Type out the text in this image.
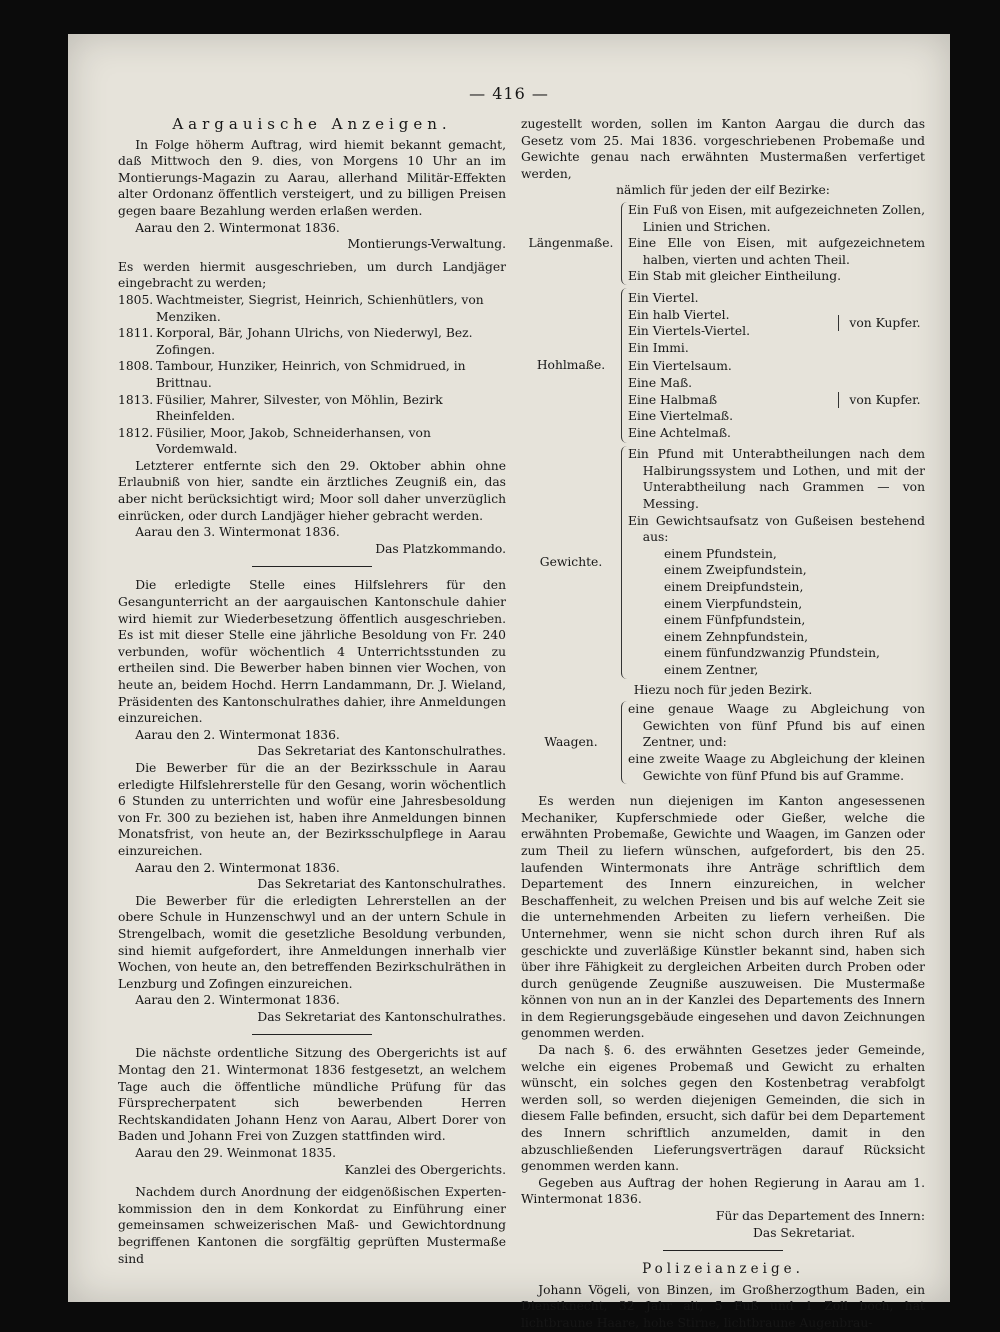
— 416 —
Aargauische Anzeigen.

In Folge höherm Auftrag, wird hiemit bekannt gemacht, daß Mittwoch den 9. dies, von Morgens 10 Uhr an im Montierungs-Magazin zu Aarau, allerhand Militär-Effekten alter Ordonanz öffentlich versteigert, und zu billigen Preisen gegen baare Bezahlung werden erlaßen werden.

Aarau den 2. Wintermonat 1836.

Montierungs-Verwaltung.

Es werden hiermit ausgeschrieben, um durch Landjäger eingebracht zu werden;

1805. Wachtmeister, Siegrist, Heinrich, Schienhütlers, von Menziken.
1811. Korporal, Bär, Johann Ulrichs, von Niederwyl, Bez. Zofingen.
1808. Tambour, Hunziker, Heinrich, von Schmidrued, in Brittnau.
1813. Füsilier, Mahrer, Silvester, von Möhlin, Bezirk Rheinfelden.
1812. Füsilier, Moor, Jakob, Schneiderhansen, von Vordemwald.

Letzterer entfernte sich den 29. Oktober abhin ohne Erlaubniß von hier, sandte ein ärztliches Zeugniß ein, das aber nicht berücksichtigt wird; Moor soll daher unverzüglich einrücken, oder durch Landjäger hieher gebracht werden.

Aarau den 3. Wintermonat 1836.

Das Platzkommando.

Die erledigte Stelle eines Hilfslehrers für den Gesangunterricht an der aargauischen Kantonschule dahier wird hiemit zur Wiederbesetzung öffentlich ausgeschrieben. Es ist mit dieser Stelle eine jährliche Besoldung von Fr. 240 verbunden, wofür wöchentlich 4 Unterrichtsstunden zu ertheilen sind. Die Bewerber haben binnen vier Wochen, von heute an, beidem Hochd. Herrn Landammann, Dr. J. Wieland, Präsidenten des Kantonschulrathes dahier, ihre Anmeldungen einzureichen.

Aarau den 2. Wintermonat 1836.

Das Sekretariat des Kantonschulrathes.

Die Bewerber für die an der Bezirksschule in Aarau erledigte Hilfslehrerstelle für den Gesang, worin wöchentlich 6 Stunden zu unterrichten und wofür eine Jahresbesoldung von Fr. 300 zu beziehen ist, haben ihre Anmeldungen binnen Monatsfrist, von heute an, der Bezirksschulpflege in Aarau einzureichen.

Aarau den 2. Wintermonat 1836.

Das Sekretariat des Kantonschulrathes.

Die Bewerber für die erledigten Lehrerstellen an der obere Schule in Hunzenschwyl und an der untern Schule in Strengelbach, womit die gesetzliche Besoldung verbunden, sind hiemit aufgefordert, ihre Anmeldungen innerhalb vier Wochen, von heute an, den betreffenden Bezirkschulräthen in Lenzburg und Zofingen einzureichen.

Aarau den 2. Wintermonat 1836.

Das Sekretariat des Kantonschulrathes.

Die nächste ordentliche Sitzung des Obergerichts ist auf Montag den 21. Wintermonat 1836 festgesetzt, an welchem Tage auch die öffentliche mündliche Prüfung für das Fürsprecherpatent sich bewerbenden Herren Rechtskandidaten Johann Henz von Aarau, Albert Dorer von Baden und Johann Frei von Zuzgen stattfinden wird.

Aarau den 29. Weinmonat 1835.

Kanzlei des Obergerichts.

Nachdem durch Anordnung der eidgenößischen Experten-kommission den in dem Konkordat zu Einführung einer gemeinsamen schweizerischen Maß- und Gewichtordnung begriffenen Kantonen die sorgfältig geprüften Mustermaße sind

zugestellt worden, sollen im Kanton Aargau die durch das Gesetz vom 25. Mai 1836. vorgeschriebenen Probemaße und Gewichte genau nach erwähnten Mustermaßen verfertiget werden,

nämlich für jeden der eilf Bezirke:

Längenmaße.

Ein Fuß von Eisen, mit aufgezeichneten Zollen, Linien und Strichen.

Eine Elle von Eisen, mit aufgezeichnetem halben, vierten und achten Theil.

Ein Stab mit gleicher Eintheilung.

Hohlmaße.
Ein Viertel.
Ein halb Viertel.
Ein Viertels-Viertel.
Ein Immi.
von Kupfer.
Ein Viertelsaum.
Eine Maß.
Eine Halbmaß
Eine Viertelmaß.
Eine Achtelmaß.
von Kupfer.
Gewichte.

Ein Pfund mit Unterabtheilungen nach dem Halbirungssystem und Lothen, und mit der Unterabtheilung nach Grammen — von Messing.

Ein Gewichtsaufsatz von Gußeisen bestehend aus:

einem Pfundstein,
einem Zweipfundstein,
einem Dreipfundstein,
einem Vierpfundstein,
einem Fünfpfundstein,
einem Zehnpfundstein,
einem fünfundzwanzig Pfundstein,
einem Zentner,

Hiezu noch für jeden Bezirk.

Waagen.

eine genaue Waage zu Abgleichung von Gewichten von fünf Pfund bis auf einen Zentner, und:

eine zweite Waage zu Abgleichung der kleinen Gewichte von fünf Pfund bis auf Gramme.

Es werden nun diejenigen im Kanton angesessenen Mechaniker, Kupferschmiede oder Gießer, welche die erwähnten Probemaße, Gewichte und Waagen, im Ganzen oder zum Theil zu liefern wünschen, aufgefordert, bis den 25. laufenden Wintermonats ihre Anträge schriftlich dem Departement des Innern einzureichen, in welcher Beschaffenheit, zu welchen Preisen und bis auf welche Zeit sie die unternehmenden Arbeiten zu liefern verheißen. Die Unternehmer, wenn sie nicht schon durch ihren Ruf als geschickte und zuverläßige Künstler bekannt sind, haben sich über ihre Fähigkeit zu dergleichen Arbeiten durch Proben oder durch genügende Zeugniße auszuweisen. Die Mustermaße können von nun an in der Kanzlei des Departements des Innern in dem Regierungsgebäude eingesehen und davon Zeichnungen genommen werden.

Da nach §. 6. des erwähnten Gesetzes jeder Gemeinde, welche ein eigenes Probemaß und Gewicht zu erhalten wünscht, ein solches gegen den Kostenbetrag verabfolgt werden soll, so werden diejenigen Gemeinden, die sich in diesem Falle befinden, ersucht, sich dafür bei dem Departement des Innern schriftlich anzumelden, damit in den abzuschließenden Lieferungsverträgen darauf Rücksicht genommen werden kann.

Gegeben aus Auftrag der hohen Regierung in Aarau am 1. Wintermonat 1836.

Für das Departement des Innern:

Das Sekretariat.

Polizeianzeige.

Johann Vögeli, von Binzen, im Großherzogthum Baden, ein Dienstknecht, 32 Jahr alt, 5 Fuß und 1 Zoll boch, hat lichtbraune Haare, hohe Stirne, lichtbraune Augenbrau-
